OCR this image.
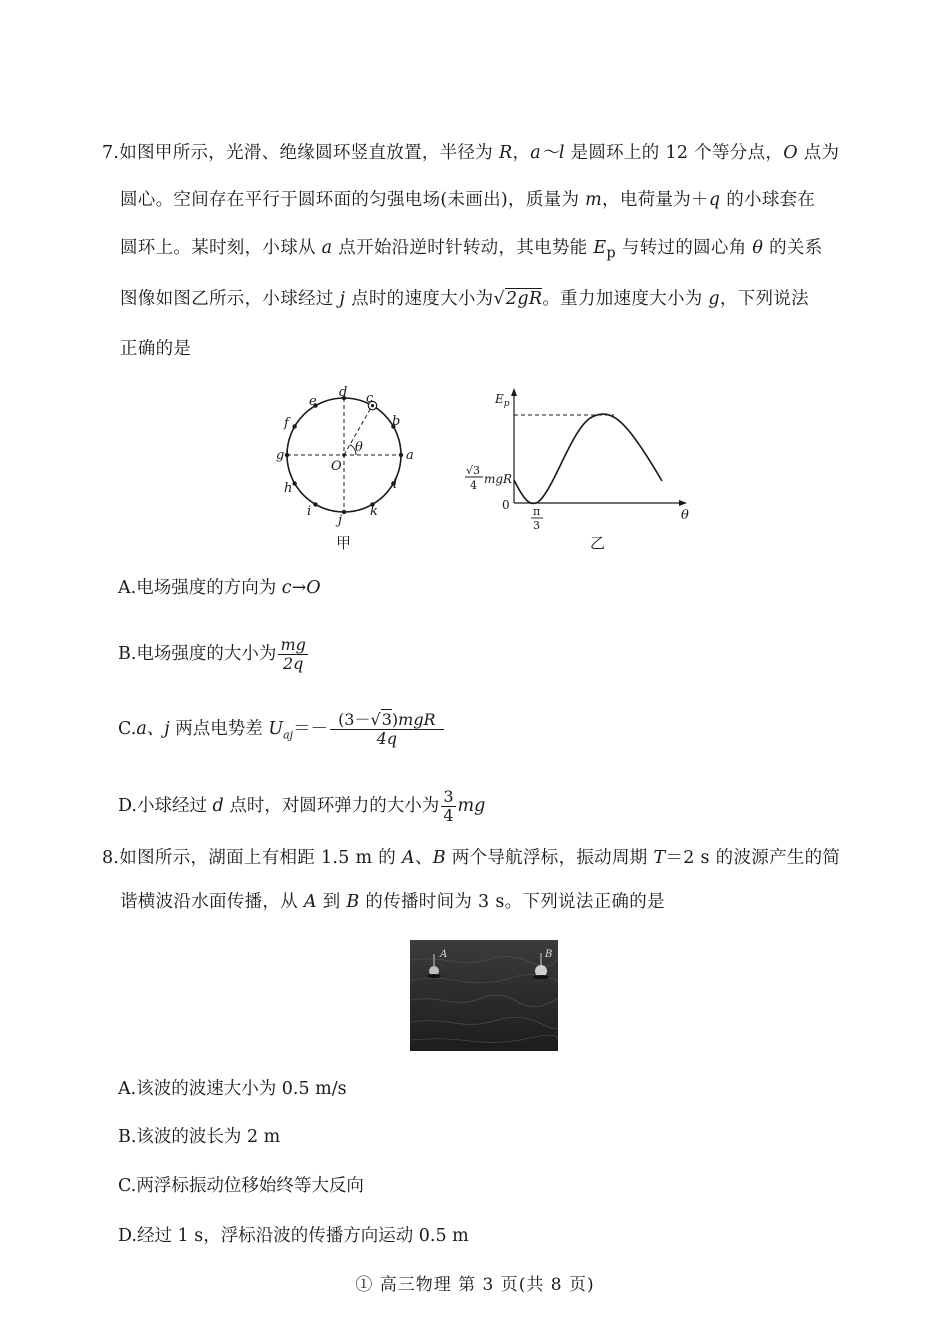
7.如图甲所示，光滑、绝缘圆环竖直放置，半径为 R，a～l 是圆环上的 12 个等分点，O 点为
圆心。空间存在平行于圆环面的匀强电场(未画出)，质量为 m，电荷量为＋q 的小球套在
圆环上。某时刻，小球从 a 点开始沿逆时针转动，其电势能 $E_p$ 与转过的圆心角 θ 的关系
图像如图乙所示，小球经过 j 点时的速度大小为√2gR。重力加速度大小为 g，下列说法
正确的是
a
b
c
d
e
f
g
h
i
j
k
l
O
θ
甲
$E_p$
θ
0
√3
4 mgR
π
3
乙
A.电场强度的方向为 c→O
B.电场强度的大小为 $\frac{mg}{2q}$
C.a、j 两点电势差 $U_{aj}=- \frac{\text{(3－√3)mgR}}{4q}$
D.小球经过 d 点时，对圆环弹力的大小为 $\frac{3}{4}$ mg
8.如图所示，湖面上有相距 1.5 m 的 A、B 两个导航浮标，振动周期 T＝2 s 的波源产生的简
谐横波沿水面传播，从 A 到 B 的传播时间为 3 s。下列说法正确的是
A	B
A.该波的波速大小为 0.5 m/s
B.该波的波长为 2 m
C.两浮标振动位移始终等大反向
D.经过 1 s，浮标沿波的传播方向运动 0.5 m
① 高三物理 第 3 页(共 8 页)
